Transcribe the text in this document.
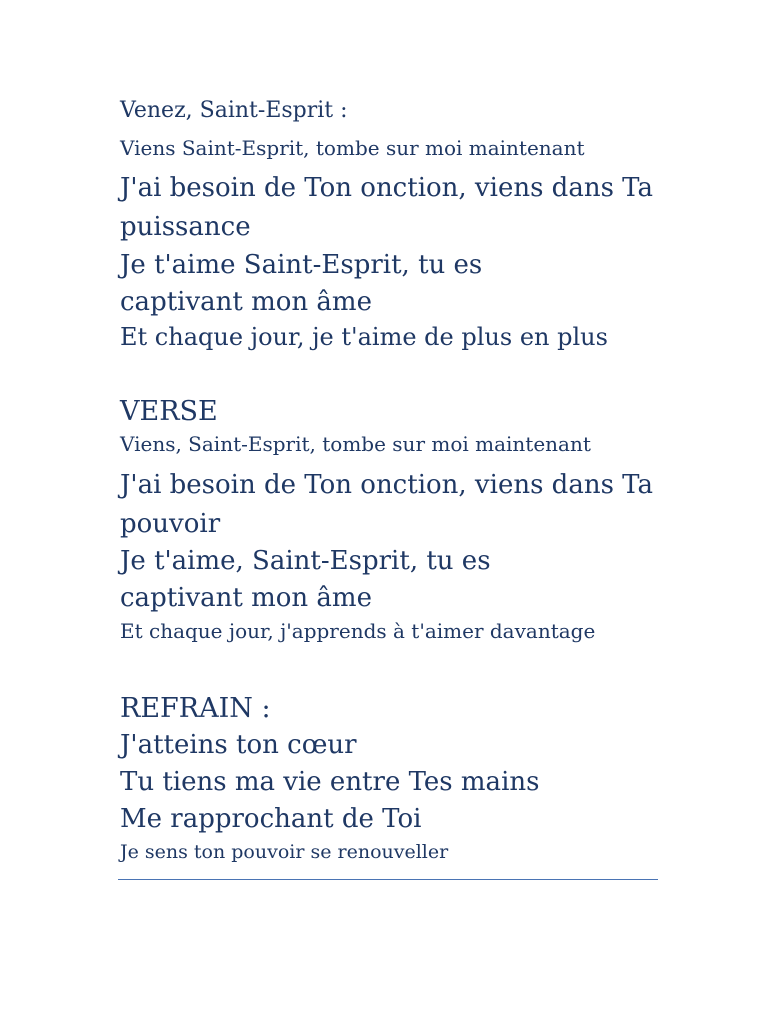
Venez, Saint-Esprit :
Viens Saint-Esprit, tombe sur moi maintenant
J'ai besoin de Ton onction, viens dans Ta
puissance
Je t'aime Saint-Esprit, tu es
captivant mon âme
Et chaque jour, je t'aime de plus en plus
VERSE
Viens, Saint-Esprit, tombe sur moi maintenant
J'ai besoin de Ton onction, viens dans Ta
pouvoir
Je t'aime, Saint-Esprit, tu es
captivant mon âme
Et chaque jour, j'apprends à t'aimer davantage
REFRAIN :
J'atteins ton cœur
Tu tiens ma vie entre Tes mains
Me rapprochant de Toi
Je sens ton pouvoir se renouveller
